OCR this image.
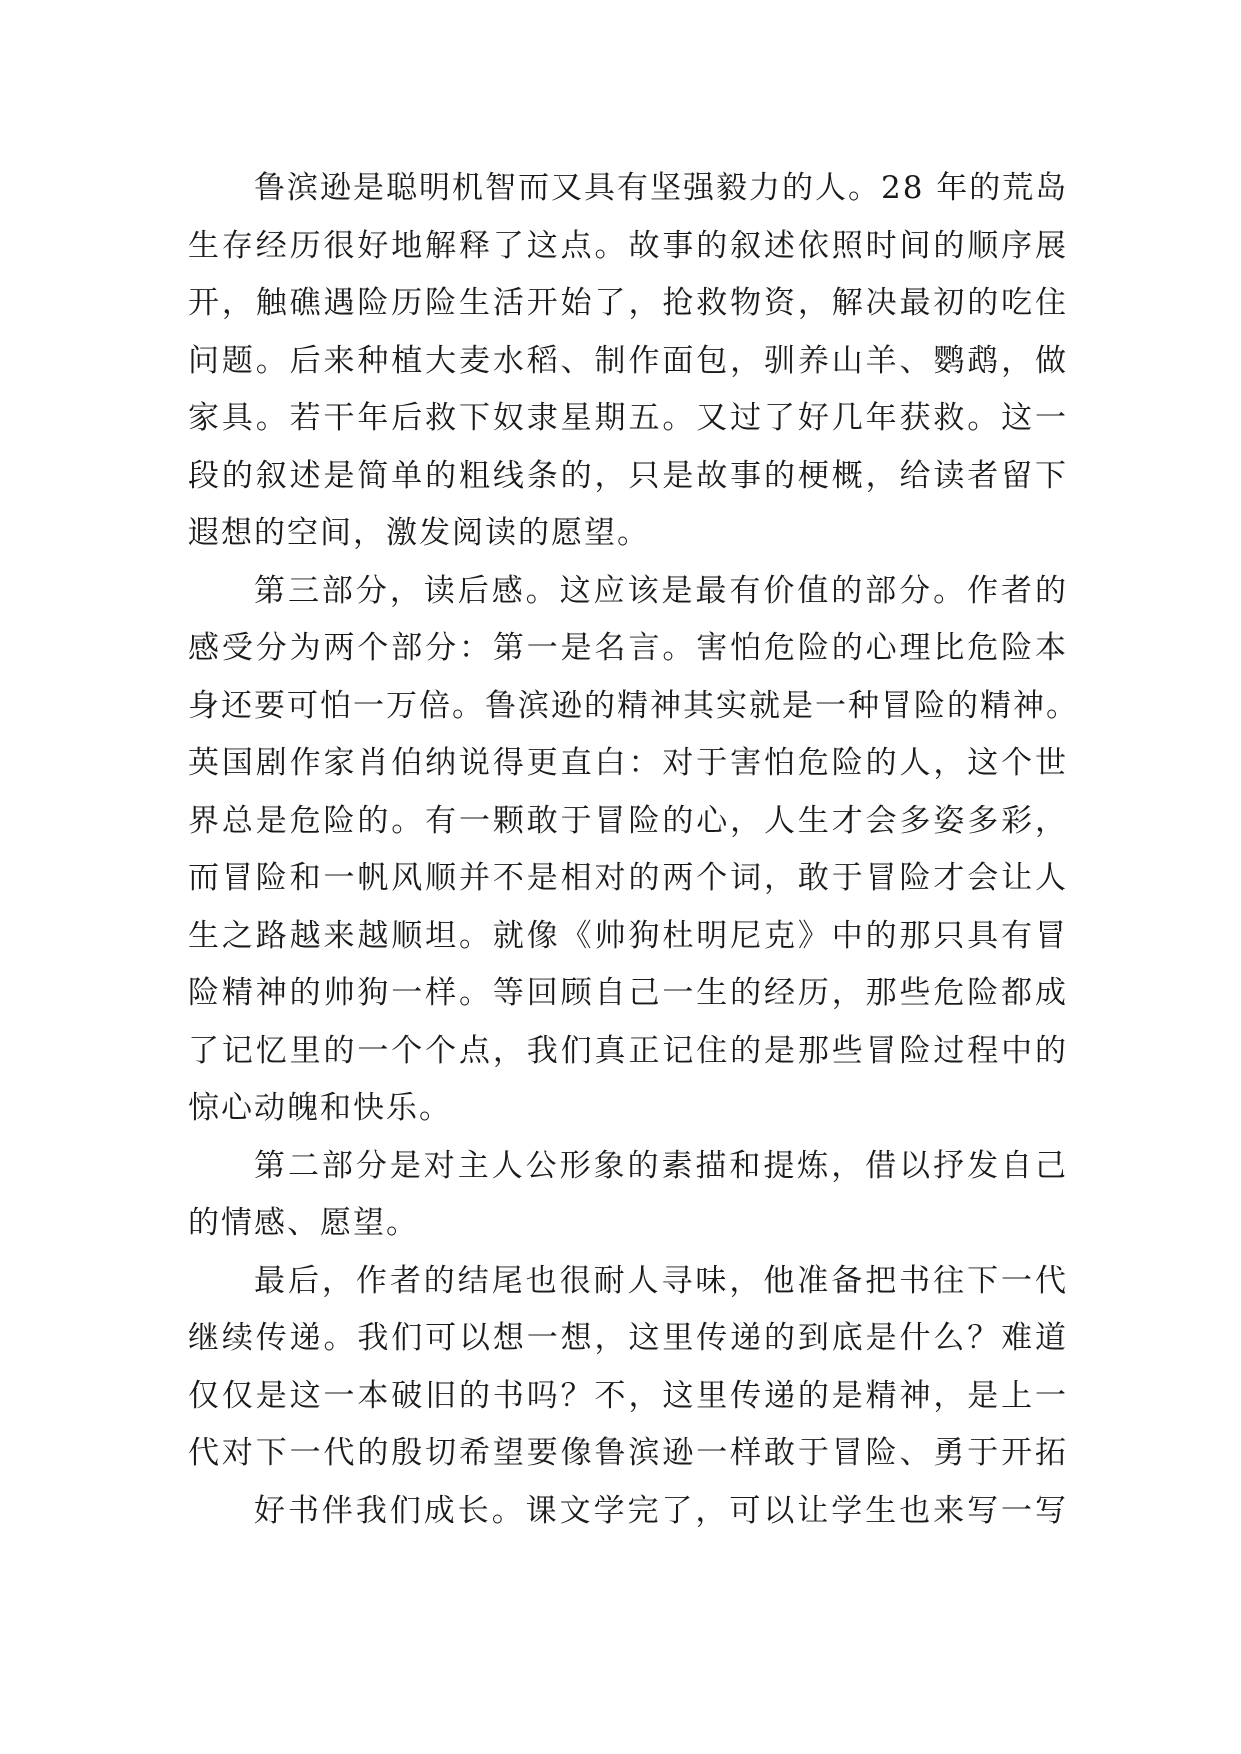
鲁滨逊是聪明机智而又具有坚强毅力的人。28 年的荒岛
生存经历很好地解释了这点。故事的叙述依照时间的顺序展
开，触礁遇险历险生活开始了，抢救物资，解决最初的吃住
问题。后来种植大麦水稻、制作面包，驯养山羊、鹦鹉，做
家具。若干年后救下奴隶星期五。又过了好几年获救。这一
段的叙述是简单的粗线条的，只是故事的梗概，给读者留下
遐想的空间，激发阅读的愿望。
第三部分，读后感。这应该是最有价值的部分。作者的
感受分为两个部分：第一是名言。害怕危险的心理比危险本
身还要可怕一万倍。鲁滨逊的精神其实就是一种冒险的精神。
英国剧作家肖伯纳说得更直白：对于害怕危险的人，这个世
界总是危险的。有一颗敢于冒险的心，人生才会多姿多彩，
而冒险和一帆风顺并不是相对的两个词，敢于冒险才会让人
生之路越来越顺坦。就像《帅狗杜明尼克》中的那只具有冒
险精神的帅狗一样。等回顾自己一生的经历，那些危险都成
了记忆里的一个个点，我们真正记住的是那些冒险过程中的
惊心动魄和快乐。
第二部分是对主人公形象的素描和提炼，借以抒发自己
的情感、愿望。
最后，作者的结尾也很耐人寻味，他准备把书往下一代
继续传递。我们可以想一想，这里传递的到底是什么？难道
仅仅是这一本破旧的书吗？不，这里传递的是精神，是上一
代对下一代的殷切希望要像鲁滨逊一样敢于冒险、勇于开拓
好书伴我们成长。课文学完了，可以让学生也来写一写
